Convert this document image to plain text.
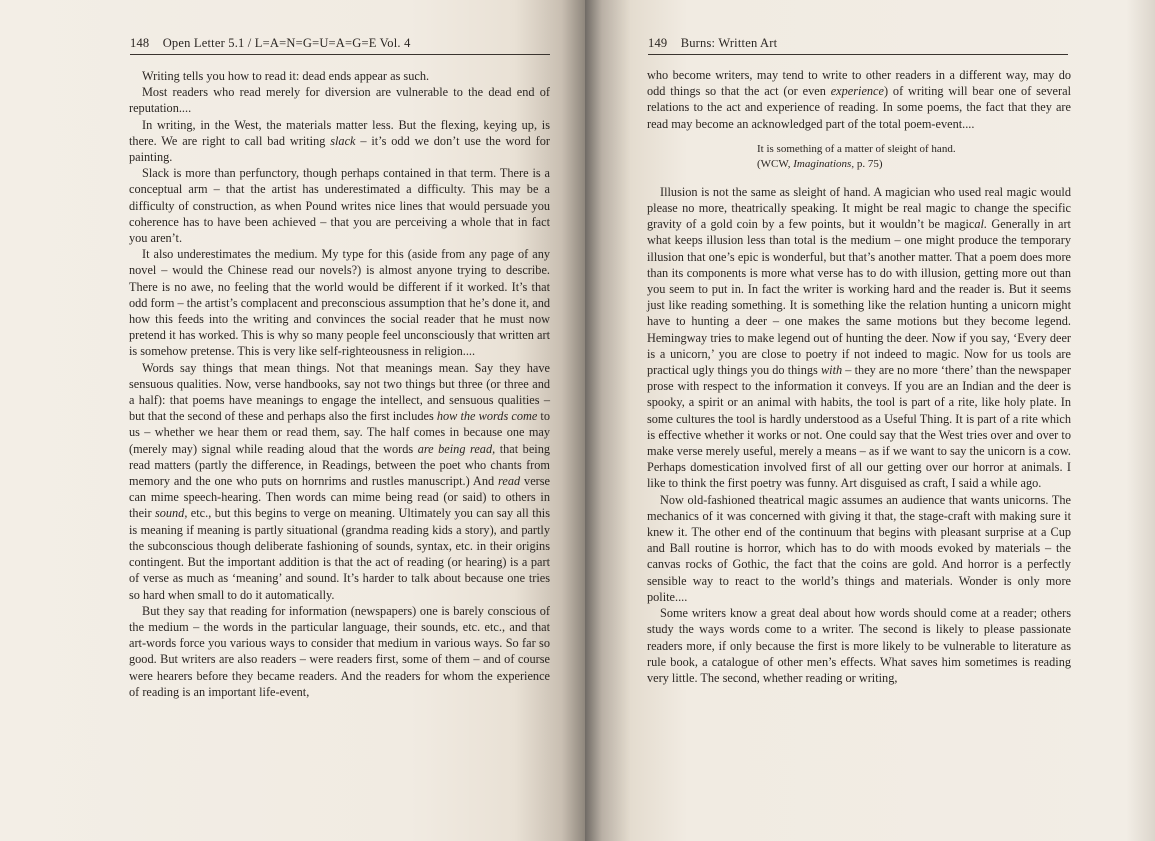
148 Open Letter 5.1 / L=A=N=G=U=A=G=E Vol. 4

Writing tells you how to read it: dead ends appear as such.

Most readers who read merely for diversion are vulnerable to the dead end of reputation....

In writing, in the West, the materials matter less. But the flexing, keying up, is there. We are right to call bad writing slack – it’s odd we don’t use the word for painting.

Slack is more than perfunctory, though perhaps contained in that term. There is a conceptual arm – that the artist has underestimated a difficulty. This may be a difficulty of construction, as when Pound writes nice lines that would persuade you coherence has to have been achieved – that you are perceiving a whole that in fact you aren’t.

It also underestimates the medium. My type for this (aside from any page of any novel – would the Chinese read our novels?) is almost anyone trying to describe. There is no awe, no feeling that the world would be different if it worked. It’s that odd form – the artist’s complacent and preconscious assumption that he’s done it, and how this feeds into the writing and convinces the social reader that he must now pretend it has worked. This is why so many people feel unconsciously that written art is somehow pretense. This is very like self-righteousness in religion....

Words say things that mean things. Not that meanings mean. Say they have sensuous qualities. Now, verse handbooks, say not two things but three (or three and a half): that poems have meanings to engage the intellect, and sensuous qualities – but that the second of these and perhaps also the first includes how the words come to us – whether we hear them or read them, say. The half comes in because one may (merely may) signal while reading aloud that the words are being read, that being read matters (partly the difference, in Readings, between the poet who chants from memory and the one who puts on hornrims and rustles manuscript.) And read verse can mime speech-hearing. Then words can mime being read (or said) to others in their sound, etc., but this begins to verge on meaning. Ultimately you can say all this is meaning if meaning is partly situational (grandma reading kids a story), and partly the subconscious though deliberate fashioning of sounds, syntax, etc. in their origins contingent. But the important addition is that the act of reading (or hearing) is a part of verse as much as ‘meaning’ and sound. It’s harder to talk about because one tries so hard when small to do it automatically.

But they say that reading for information (newspapers) one is barely conscious of the medium – the words in the particular language, their sounds, etc. etc., and that art-words force you various ways to consider that medium in various ways. So far so good. But writers are also readers – were readers first, some of them – and of course were hearers before they became readers. And the readers for whom the experience of reading is an important life-event,

149 Burns: Written Art

who become writers, may tend to write to other readers in a different way, may do odd things so that the act (or even experience) of writing will bear one of several relations to the act and experience of reading. In some poems, the fact that they are read may become an acknowledged part of the total poem-event....

It is something of a matter of sleight of hand.
(WCW, Imaginations, p. 75)

Illusion is not the same as sleight of hand. A magician who used real magic would please no more, theatrically speaking. It might be real magic to change the specific gravity of a gold coin by a few points, but it wouldn’t be magical. Generally in art what keeps illusion less than total is the medium – one might produce the temporary illusion that one’s epic is wonderful, but that’s another matter. That a poem does more than its components is more what verse has to do with illusion, getting more out than you seem to put in. In fact the writer is working hard and the reader is. But it seems just like reading something. It is something like the relation hunting a unicorn might have to hunting a deer – one makes the same motions but they become legend. Hemingway tries to make legend out of hunting the deer. Now if you say, ‘Every deer is a unicorn,’ you are close to poetry if not indeed to magic. Now for us tools are practical ugly things you do things with – they are no more ‘there’ than the newspaper prose with respect to the information it conveys. If you are an Indian and the deer is spooky, a spirit or an animal with habits, the tool is part of a rite, like holy plate. In some cultures the tool is hardly understood as a Useful Thing. It is part of a rite which is effective whether it works or not. One could say that the West tries over and over to make verse merely useful, merely a means – as if we want to say the unicorn is a cow. Perhaps domestication involved first of all our getting over our horror at animals. I like to think the first poetry was funny. Art disguised as craft, I said a while ago.

Now old-fashioned theatrical magic assumes an audience that wants unicorns. The mechanics of it was concerned with giving it that, the stage-craft with making sure it knew it. The other end of the continuum that begins with pleasant surprise at a Cup and Ball routine is horror, which has to do with moods evoked by materials – the canvas rocks of Gothic, the fact that the coins are gold. And horror is a perfectly sensible way to react to the world’s things and materials. Wonder is only more polite....

Some writers know a great deal about how words should come at a reader; others study the ways words come to a writer. The second is likely to please passionate readers more, if only because the first is more likely to be vulnerable to literature as rule book, a catalogue of other men’s effects. What saves him sometimes is reading very little. The second, whether reading or writing,
